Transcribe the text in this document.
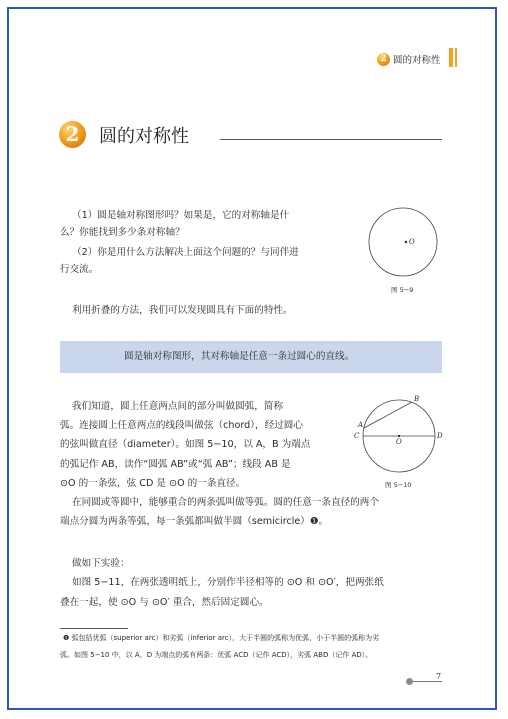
2 圆的对称性
2	圆的对称性
（1）圆是轴对称图形吗？如果是，它的对称轴是什
么？你能找到多少条对称轴？
（2）你是用什么方法解决上面这个问题的？与同伴进
行交流。
O
图 5−9
利用折叠的方法，我们可以发现圆具有下面的特性。
圆是轴对称图形，其对称轴是任意一条过圆心的直线。
我们知道，圆上任意两点间的部分叫做圆弧，简称
弧。连接圆上任意两点的线段叫做弦（chord），经过圆心
的弦叫做直径（diameter）。如图 5−10，以 A，B 为端点
的弧记作 AB，读作“圆弧 AB”或“弧 AB”；线段 AB 是
⊙O 的一条弦，弦 CD 是 ⊙O 的一条直径。
B
A
C	D
O
图 5−10
在同圆或等圆中，能够重合的两条弧叫做等弧。圆的任意一条直径的两个
端点分圆为两条等弧，每一条弧都叫做半圆（semicircle）❶。
做如下实验：
如图 5−11，在两张透明纸上，分别作半径相等的 ⊙O 和 ⊙O′，把两张纸
叠在一起，使 ⊙O 与 ⊙O′ 重合，然后固定圆心。
❶ 弧包括优弧（superior arc）和劣弧（inferior arc），大于半圆的弧称为优弧，小于半圆的弧称为劣
弧。如图 5−10 中，以 A，D 为端点的弧有两条：优弧 ACD（记作 ACD），劣弧 ABD（记作 AD）。
7
